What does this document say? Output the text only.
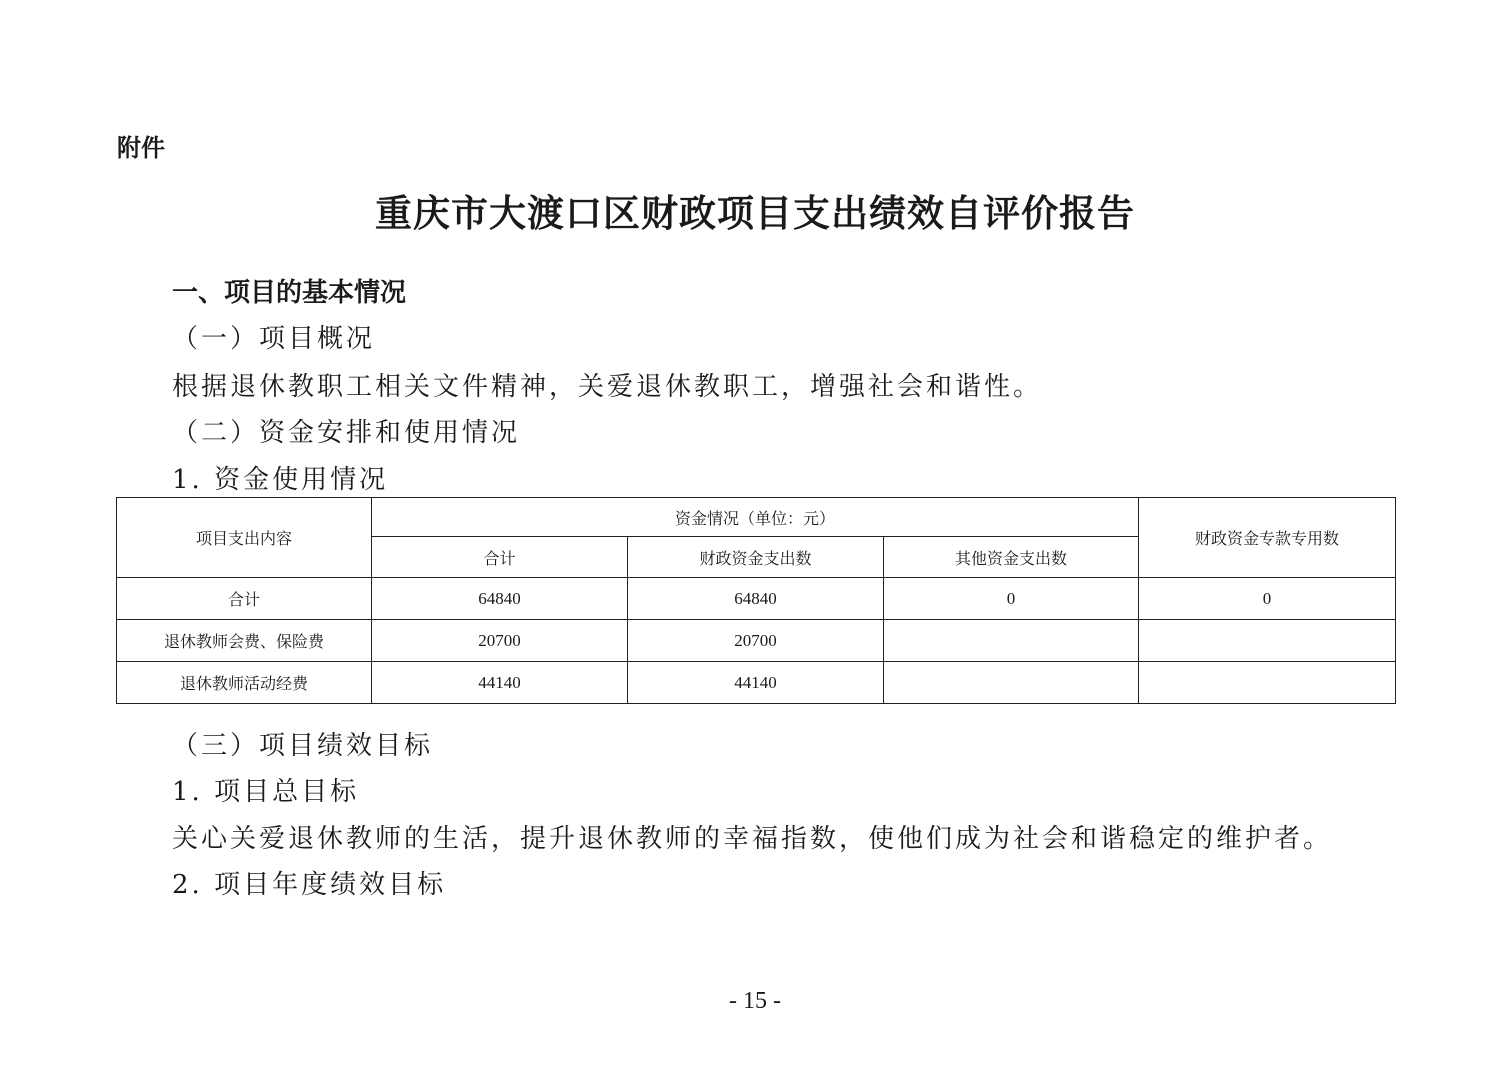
附件
重庆市大渡口区财政项目支出绩效自评价报告
一、项目的基本情况
（一）项目概况
根据退休教职工相关文件精神，关爱退休教职工，增强社会和谐性。
（二）资金安排和使用情况
1. 资金使用情况
项目支出内容	资金情况（单位：元）			财政资金专款专用数
	合计	财政资金支出数	其他资金支出数	
合计	64840	64840	0	0
退休教师会费、保险费	20700	20700		
退休教师活动经费	44140	44140		
（三）项目绩效目标
1. 项目总目标
关心关爱退休教师的生活，提升退休教师的幸福指数，使他们成为社会和谐稳定的维护者。
2. 项目年度绩效目标
- 15 -
